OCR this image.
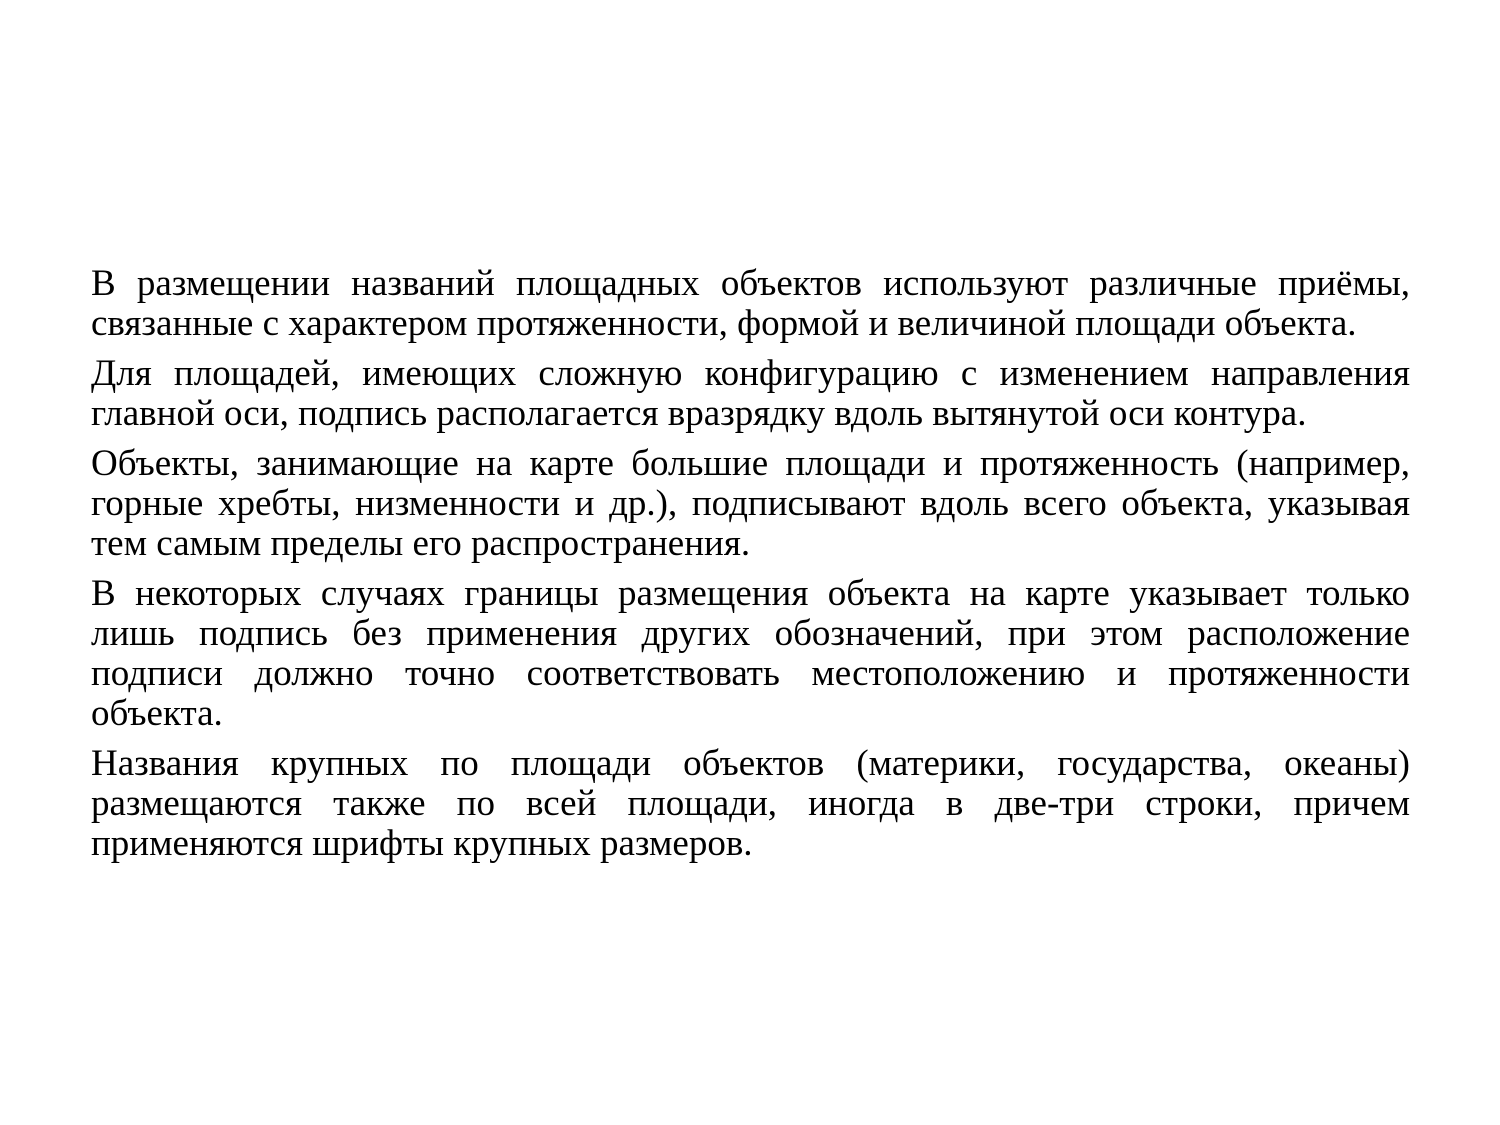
В размещении названий площадных объектов используют различные приёмы, связанные с характером протяженности, формой и величиной площади объекта.

Для площадей, имеющих сложную конфигурацию с изменением направления главной оси, подпись располагается вразрядку вдоль вытянутой оси контура.

Объекты, занимающие на карте большие площади и протяженность (например, горные хребты, низменности и др.), подписывают вдоль всего объекта, указывая тем самым пределы его распространения.

В некоторых случаях границы размещения объекта на карте указывает только лишь подпись без применения других обозначений, при этом расположение подписи должно точно соответствовать местоположению и протяженности объекта.

Названия крупных по площади объектов (материки, государства, океаны) размещаются также по всей площади, иногда в две-три строки, причем применяются шрифты крупных размеров.
